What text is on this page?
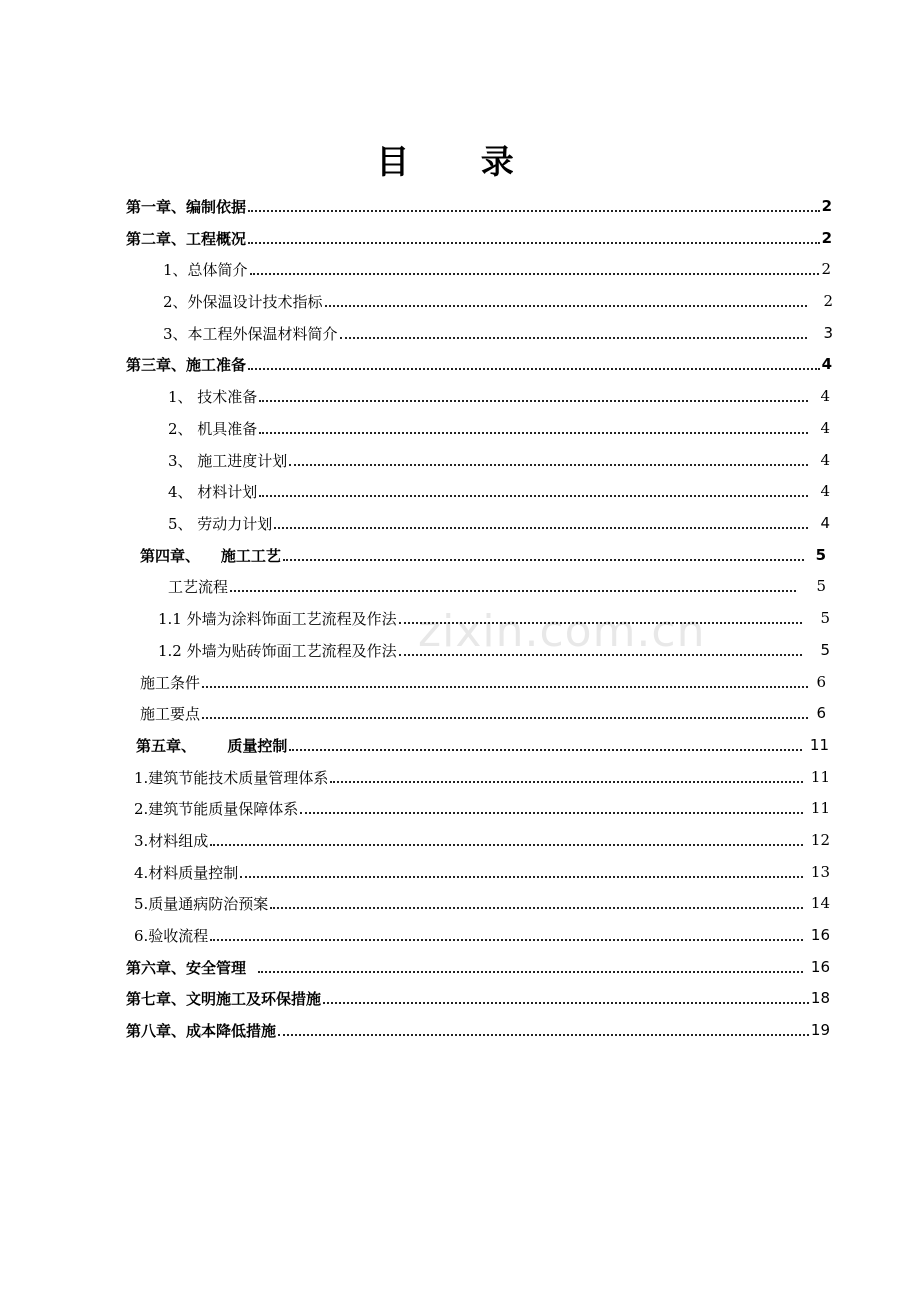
目 录
zixin.com.cn
第一章、编制依据	2
第二章、工程概况	2
1、总体简介	2
2、外保温设计技术指标	2
3、本工程外保温材料简介	3
第三章、施工准备	4
1、 技术准备	4
2、 机具准备	4
3、 施工进度计划	4
4、 材料计划	4
5、 劳动力计划	4
第四章、    施工工艺	5
工艺流程	5
1.1 外墙为涂料饰面工艺流程及作法	5
1.2 外墙为贴砖饰面工艺流程及作法	5
施工条件	6
施工要点	6
第五章、      质量控制	11
1.建筑节能技术质量管理体系	11
2.建筑节能质量保障体系	11
3.材料组成	12
4.材料质量控制	13
5.质量通病防治预案	14
6.验收流程	16
第六章、安全管理	16
第七章、文明施工及环保措施	18
第八章、成本降低措施	19
